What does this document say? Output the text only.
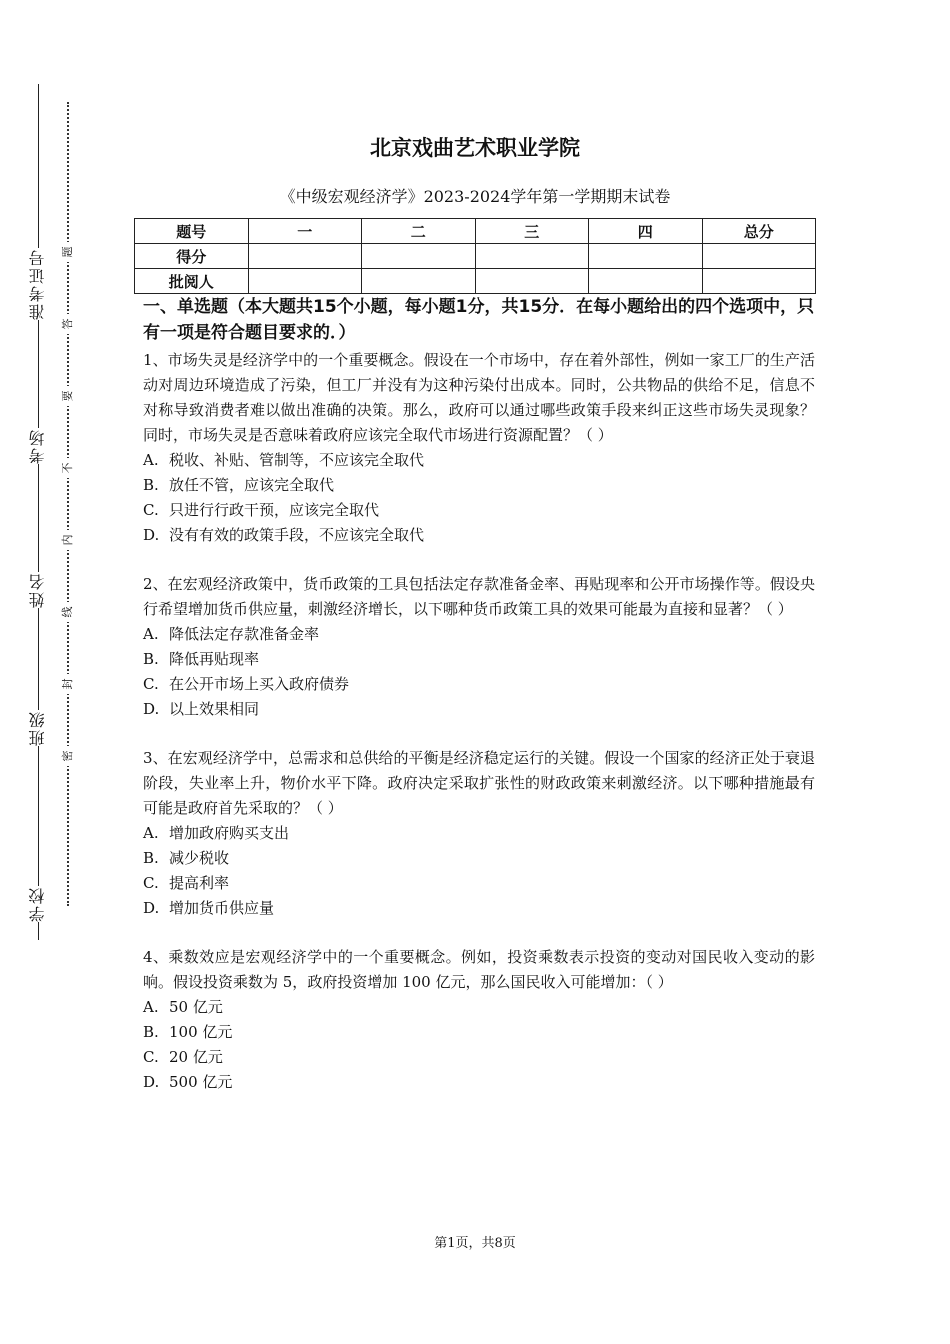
准考证号
考场
姓名
班级
学校
题
答
要
不
内
线
封
密
北京戏曲艺术职业学院
《中级宏观经济学》2023-2024学年第一学期期末试卷
题号	一	二	三	四	总分
得分					
批阅人					

一、单选题（本大题共15个小题，每小题1分，共15分．在每小题给出的四个选项中，只有一项是符合题目要求的．）

1、市场失灵是经济学中的一个重要概念。假设在一个市场中，存在着外部性，例如一家工厂的生产活动对周边环境造成了污染，但工厂并没有为这种污染付出成本。同时，公共物品的供给不足，信息不对称导致消费者难以做出准确的决策。那么，政府可以通过哪些政策手段来纠正这些市场失灵现象？同时，市场失灵是否意味着政府应该完全取代市场进行资源配置？（ ）

A. 税收、补贴、管制等，不应该完全取代

B. 放任不管，应该完全取代

C. 只进行行政干预，应该完全取代

D. 没有有效的政策手段，不应该完全取代

2、在宏观经济政策中，货币政策的工具包括法定存款准备金率、再贴现率和公开市场操作等。假设央行希望增加货币供应量，刺激经济增长，以下哪种货币政策工具的效果可能最为直接和显著？（ ）

A. 降低法定存款准备金率

B. 降低再贴现率

C. 在公开市场上买入政府债券

D. 以上效果相同

3、在宏观经济学中，总需求和总供给的平衡是经济稳定运行的关键。假设一个国家的经济正处于衰退阶段，失业率上升，物价水平下降。政府决定采取扩张性的财政政策来刺激经济。以下哪种措施最有可能是政府首先采取的？（ ）

A. 增加政府购买支出

B. 减少税收

C. 提高利率

D. 增加货币供应量

4、乘数效应是宏观经济学中的一个重要概念。例如，投资乘数表示投资的变动对国民收入变动的影响。假设投资乘数为 5，政府投资增加 100 亿元，那么国民收入可能增加：（ ）

A. 50 亿元

B. 100 亿元

C. 20 亿元

D. 500 亿元

第1页，共8页
